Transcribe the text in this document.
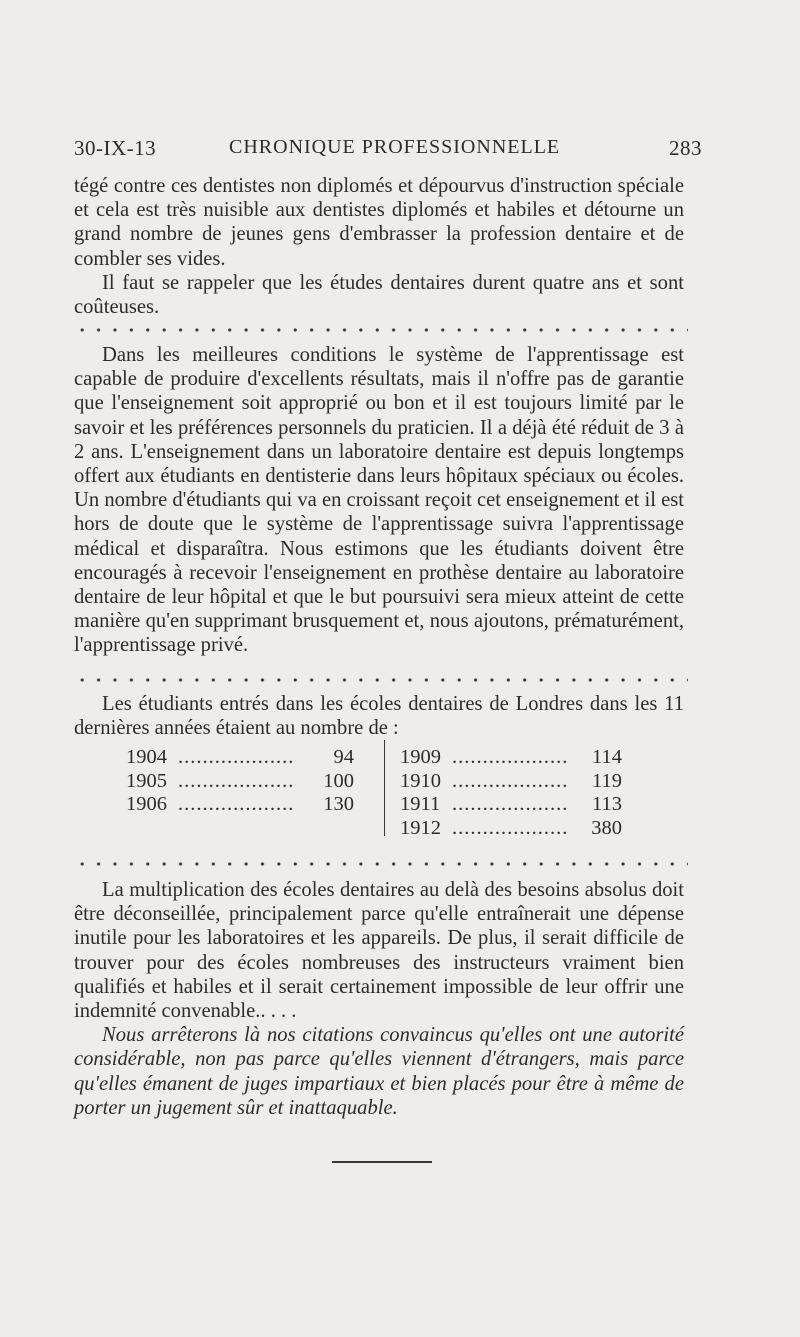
30-IX-13	CHRONIQUE PROFESSIONNELLE	283

tégé contre ces dentistes non diplomés et dépourvus d'instruction spéciale et cela est très nuisible aux dentistes diplomés et habiles et détourne un grand nombre de jeunes gens d'embrasser la profession dentaire et de combler ses vides.

Il faut se rappeler que les études dentaires durent quatre ans et sont coûteuses.

Dans les meilleures conditions le système de l'apprentissage est capable de produire d'excellents résultats, mais il n'offre pas de garantie que l'enseignement soit approprié ou bon et il est toujours limité par le savoir et les préférences personnels du praticien. Il a déjà été réduit de 3 à 2 ans. L'enseignement dans un laboratoire dentaire est depuis longtemps offert aux étudiants en dentisterie dans leurs hôpitaux spéciaux ou écoles. Un nombre d'étudiants qui va en croissant reçoit cet enseignement et il est hors de doute que le système de l'apprentissage suivra l'apprentissage médical et disparaîtra. Nous estimons que les étudiants doivent être encouragés à recevoir l'enseignement en prothèse dentaire au laboratoire dentaire de leur hôpital et que le but poursuivi sera mieux atteint de cette manière qu'en supprimant brusquement et, nous ajoutons, prématurément, l'apprentissage privé.

Les étudiants entrés dans les écoles dentaires de Londres dans les 11 dernières années étaient au nombre de :

1904 ...................	94
1905 ...................	100
1906 ...................	130
1909 ................... 114
1910 ................... 119
1911 ................... 113
1912 ................... 380

La multiplication des écoles dentaires au delà des besoins absolus doit être déconseillée, principalement parce qu'elle entraînerait une dépense inutile pour les laboratoires et les appareils. De plus, il serait difficile de trouver pour des écoles nombreuses des instructeurs vraiment bien qualifiés et habiles et il serait certainement impossible de leur offrir une indemnité convenable.. . . .

Nous arrêterons là nos citations convaincus qu'elles ont une autorité considérable, non pas parce qu'elles viennent d'étrangers, mais parce qu'elles émanent de juges impartiaux et bien placés pour être à même de porter un jugement sûr et inattaquable.
